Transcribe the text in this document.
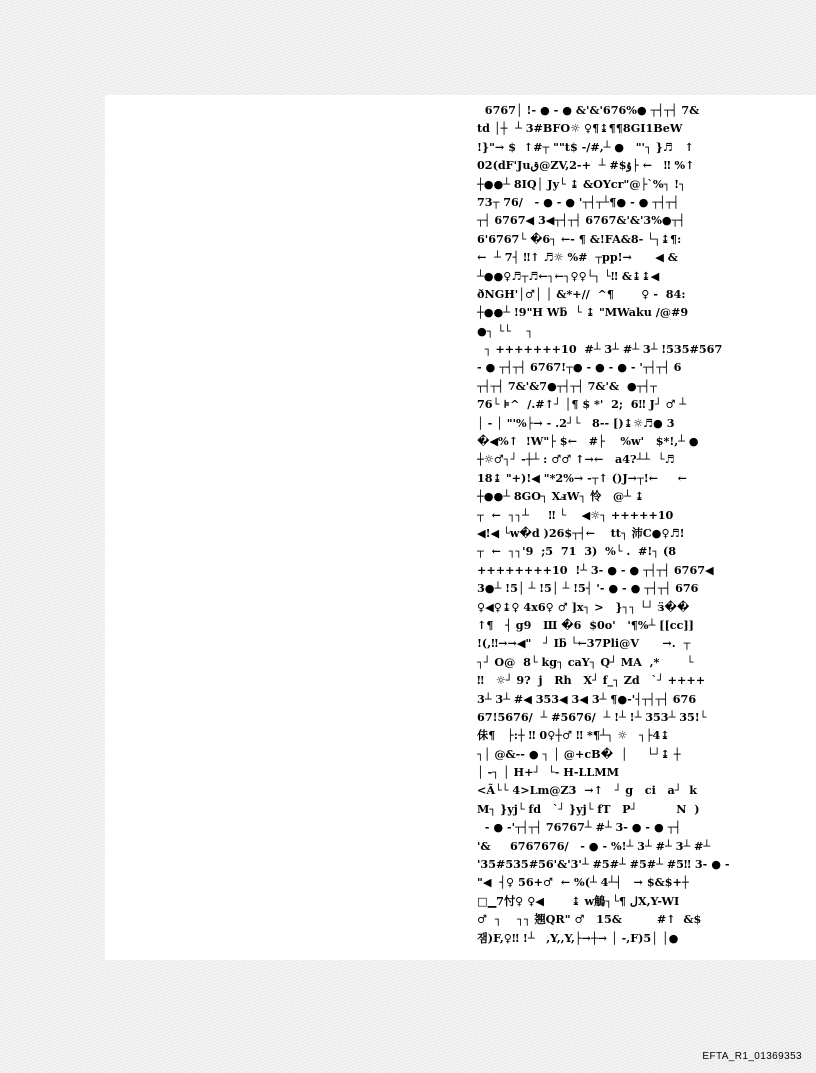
6767│ !- ● - ● &'&'676%● ┬┤┬┤ 7&
td │┼  ┴ 3#BFO☼ ♀¶↨¶¶8GI1BeW
!}"→ $  ↑#┬ ""t$ -/#,┴ ●   "'┐ }♬   ↑
02(dF'Juق@ZV,2-+  ┴ #$ۇ├ ←   ‼ %↑
┼●●┴ 8IQ│ Jy└ ↨ &OYcr"@├`%┐ !┐
73┬ 76/   - ● - ● '┬┤┬┴¶● - ● ┬┤┬┤
┬┤ 6767◀ 3◀┬┤┬┤ 6767&'&'3%●┬┤
6'6767└ �6┐ ←- ¶ &!FA&8- └┐↨¶:
←  ┴ 7┤ ‼↑ ♬☼ %#  ┬pp!→      ◀ &
┴●●♀♬┬♬←┐←┐♀♀└┐ └‼ &↨↨◀
ðNGH'│♂│ │ &*+//  ^¶       ♀ -  84:
┼●●┴ !9"H Wƃ  └ ↨ "MWaku /@#9
●┐ └└    ┐
┐ +++++++10  #┴ 3┴ #┴ 3┴ !535#567
- ● ┬┤┬┤ 6767!┬● - ● - ● - '┬┤┬┤ 6
┬┤┬┤ 7&'&7●┬┤┬┤ 7&'&  ●┬┤┬
76└ ⊧^  /.#↑┘ │¶ $ *'  2;  6‼ J┘ ♂ ┴
│ - │ "'%├→ - .2┘└   8-- [)↨☼♬● 3
�◀%↑  !W"├ $←   #├    %w'   $*!,┴ ●
┼☼♂┐┘ -┼┴ : ♂♂ ↑→←   a4?┴┴  └♬
18↨ "+)!◀ "*2%→ -┬↑ ()J→┬!←     ←
┼●●┴ 8GO┐ XⅎW┐ 怜   @┴ ↨
┬  ←  ┐┐┴     ‼ └    ◀☼┐ +++++10
◀!◀ └w�d )26$┬┤←    tt┐ 沛C●♀♬!
┬  ←  ┐┐'9  ;5  71  3)  %└ .  #!┐ (8
++++++++10  !┴ 3- ● - ● ┬┤┬┤ 6767◀
3●┴ !5│ ┴ !5│ ┴ !5┤ '- ● - ● ┬┤┬┤ 676
♀◀♀↨♀ 4x6♀ ♂ ]x┐ >   }┐┐ └┘ ӟ��
↑¶   ┤ g9   Ш �6  $0o'   '¶%┴ [[cc]]
!(,‼→→◀"   ┘ Iƃ └←37Pli@V      →.  ┬
┐┘ O@  8└ kg┐ caY┐ Q┘ MA  ,*       └
‼   ☼┘ 9?  j   Rh   X┘ f_┐ Zd   `┘ ++++
3┴ 3┴ #◀ 353◀ 3◀ 3┴ ¶●-'┤┬┤┬┤ 676
67!5676/  ┴ #5676/  ┴ !┴ !┴ 353┴ 35!└
佅¶   ├:┼ ‼ 0♀┼♂ ‼ *¶┴┐ ☼   ┐├4↨
┐│ @&-- ● ┐ │ @+cB�  │     └┘↨ ┼
│ -┐ │ H+┘  └- H-LLMM
<Ã└└ 4>Lm@Z3  →↑   ┘ g   ci   a┘  k
M┐ }yj└ fd   `┘ }yj└ fT   P┘          N  )
- ● -'┬┤┬┤ 76767┴ #┴ 3- ● - ● ┬┤
'&     6767676/   - ● - %!┴ 3┴ #┴ 3┴ #┴
'35#535#56'&'3'┴ #5#┴ #5#┴ #5‼ 3- ● -
"◀  ┤♀ 56+♂  ← %(┴ 4┴┤   → $&$+┼
□▁7忖♀ ♀◀       ↨ w鵤┐└¶ لX,Y-WI
♂  ┐    ┐┐ 翘QR" ♂   15&         #↑  &$
잼)F,♀‼ !┴   ,Y,,Y,├→┼→ │ -,F)5│ │●
EFTA_R1_01369353
